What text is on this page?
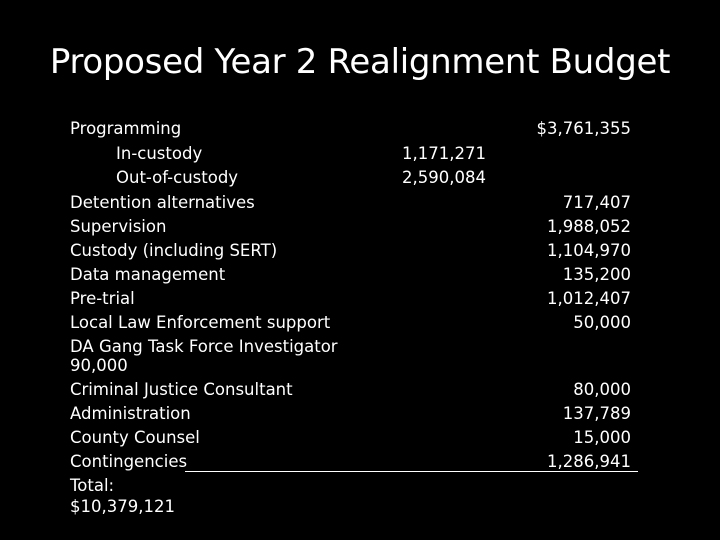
Proposed Year 2 Realignment Budget
Programming
In-custody
Out-of-custody
Detention alternatives
Supervision
Custody (including SERT)
Data management
Pre-trial
Local Law Enforcement support
DA Gang Task Force Investigator
90,000
Criminal Justice Consultant
Administration
County Counsel
Contingencies
Total:
$10,379,121
1,171,271
2,590,084
$3,761,355
717,407
1,988,052
1,104,970
135,200
1,012,407
50,000
80,000
137,789
15,000
1,286,941
